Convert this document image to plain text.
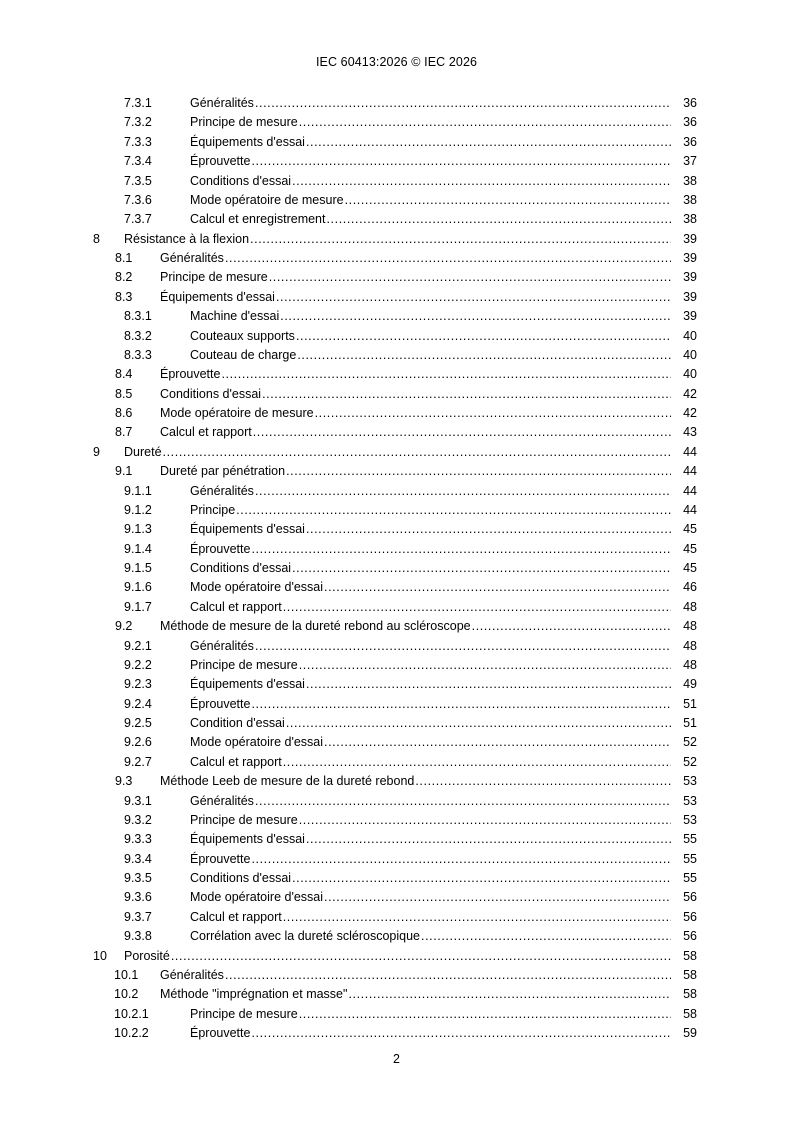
IEC 60413:2026 © IEC 2026
7.3.1	Généralités .....	36
7.3.2	Principe de mesure .....	36
7.3.3	Équipements d'essai .....	36
7.3.4	Éprouvette .....	37
7.3.5	Conditions d'essai .....	38
7.3.6	Mode opératoire de mesure .....	38
7.3.7	Calcul et enregistrement .....	38
8 Résistance à la flexion .....	39
8.1 Généralités .....	39
8.2 Principe de mesure .....	39
8.3 Équipements d'essai .....	39
8.3.1	Machine d'essai .....	39
8.3.2	Couteaux supports .....	40
8.3.3	Couteau de charge .....	40
8.4 Éprouvette .....	40
8.5 Conditions d'essai .....	42
8.6 Mode opératoire de mesure .....	42
8.7 Calcul et rapport .....	43
9 Dureté .....	44
9.1 Dureté par pénétration .....	44
9.1.1	Généralités .....	44
9.1.2	Principe .....	44
9.1.3	Équipements d'essai .....	45
9.1.4	Éprouvette .....	45
9.1.5	Conditions d'essai .....	45
9.1.6	Mode opératoire d'essai .....	46
9.1.7	Calcul et rapport .....	48
9.2 Méthode de mesure de la dureté rebond au scléroscope .....	48
9.2.1	Généralités .....	48
9.2.2	Principe de mesure .....	48
9.2.3	Équipements d'essai .....	49
9.2.4	Éprouvette .....	51
9.2.5	Condition d'essai .....	51
9.2.6	Mode opératoire d'essai .....	52
9.2.7	Calcul et rapport .....	52
9.3 Méthode Leeb de mesure de la dureté rebond .....	53
9.3.1	Généralités .....	53
9.3.2	Principe de mesure .....	53
9.3.3	Équipements d'essai .....	55
9.3.4	Éprouvette .....	55
9.3.5	Conditions d'essai .....	55
9.3.6	Mode opératoire d'essai .....	56
9.3.7	Calcul et rapport .....	56
9.3.8	Corrélation avec la dureté scléroscopique .....	56
10 Porosité .....	58
10.1 Généralités .....	58
10.2 Méthode "imprégnation et masse" .....	58
10.2.1	Principe de mesure .....	58
10.2.2	Éprouvette .....	59
2
